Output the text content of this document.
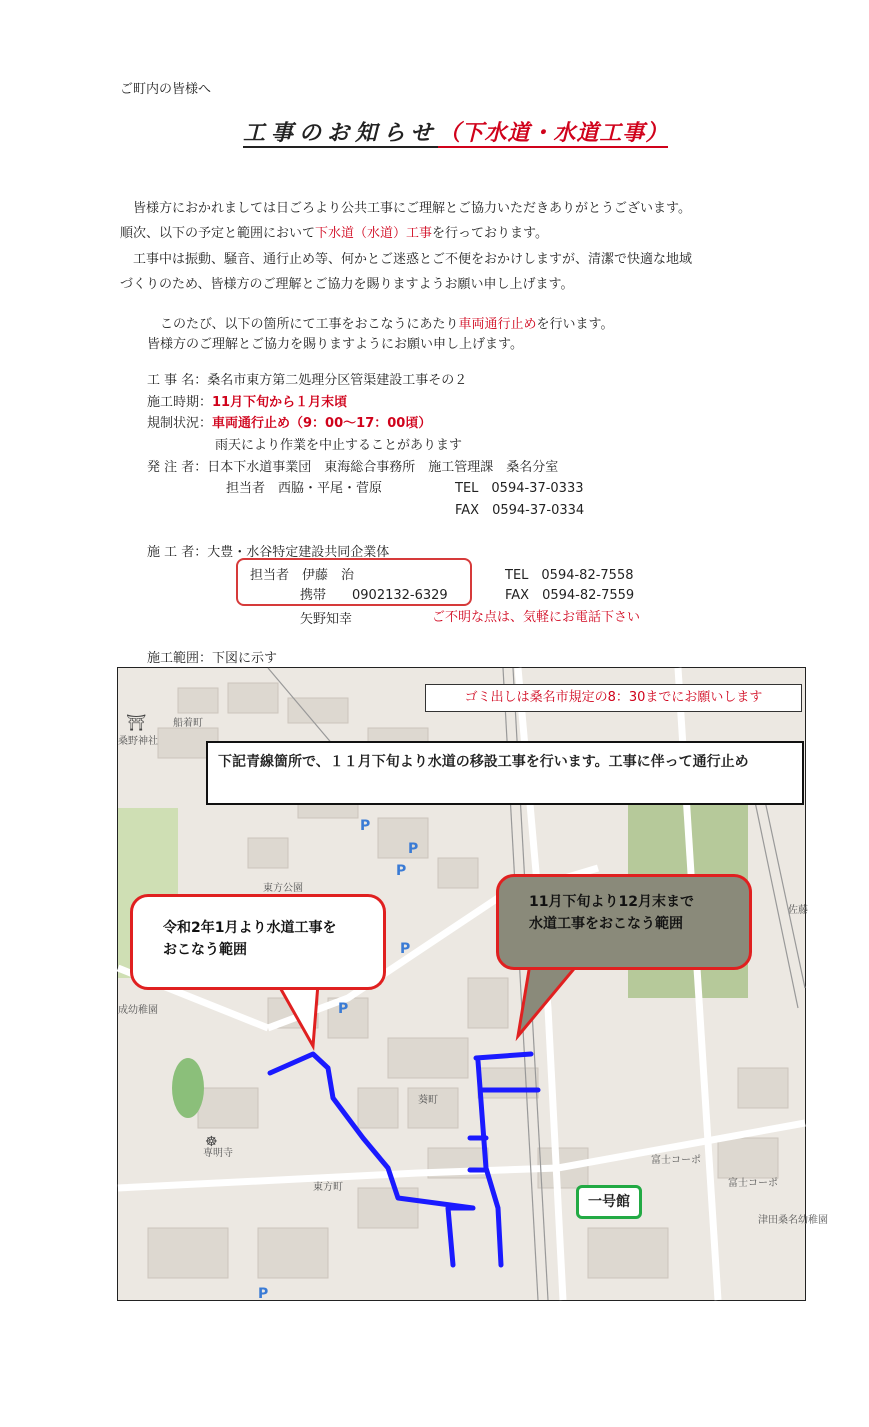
ご町内の皆様へ
工事のお知らせ（下水道・水道工事）
皆様方におかれましては日ごろより公共工事にご理解とご協力いただきありがとうございます。
順次、以下の予定と範囲において下水道（水道）工事を行っております。
工事中は振動、騒音、通行止め等、何かとご迷惑とご不便をおかけしますが、清潔で快適な地域
づくりのため、皆様方のご理解とご協力を賜りますようお願い申し上げます。
このたび、以下の箇所にて工事をおこなうにあたり車両通行止めを行います。
皆様方のご理解とご協力を賜りますようにお願い申し上げます。
工 事 名：桑名市東方第二処理分区管渠建設工事その２
施工時期：11月下旬から１月末頃
規制状況：車両通行止め（9：00～17：00頃）
雨天により作業を中止することがあります
発 注 者：日本下水道事業団　東海総合事務所　施工管理課　桑名分室
担当者　西脇・平尾・菅原	TEL　0594-37-0333
FAX　0594-37-0334
施 工 者：大豊・水谷特定建設共同企業体
担当者　伊藤　治
携帯　　0902132-6329
TEL　0594-82-7558
FAX　0594-82-7559
矢野知幸	ご不明な点は、気軽にお電話下さい
施工範囲：下図に示す
P
P
P
P
P
P
船着町
桑野神社
葵町
東方町
専明寺
富士コーポ
富士コーポ
津田桑名幼稚園
東方公園
成幼稚園
佐藤
⛩
☸
ゴミ出しは桑名市規定の8：30までにお願いします
下記青線箇所で、１１月下旬より水道の移設工事を行います。工事に伴って通行止め
令和2年1月より水道工事を
おこなう範囲
11月下旬より12月末まで
水道工事をおこなう範囲
一号館
